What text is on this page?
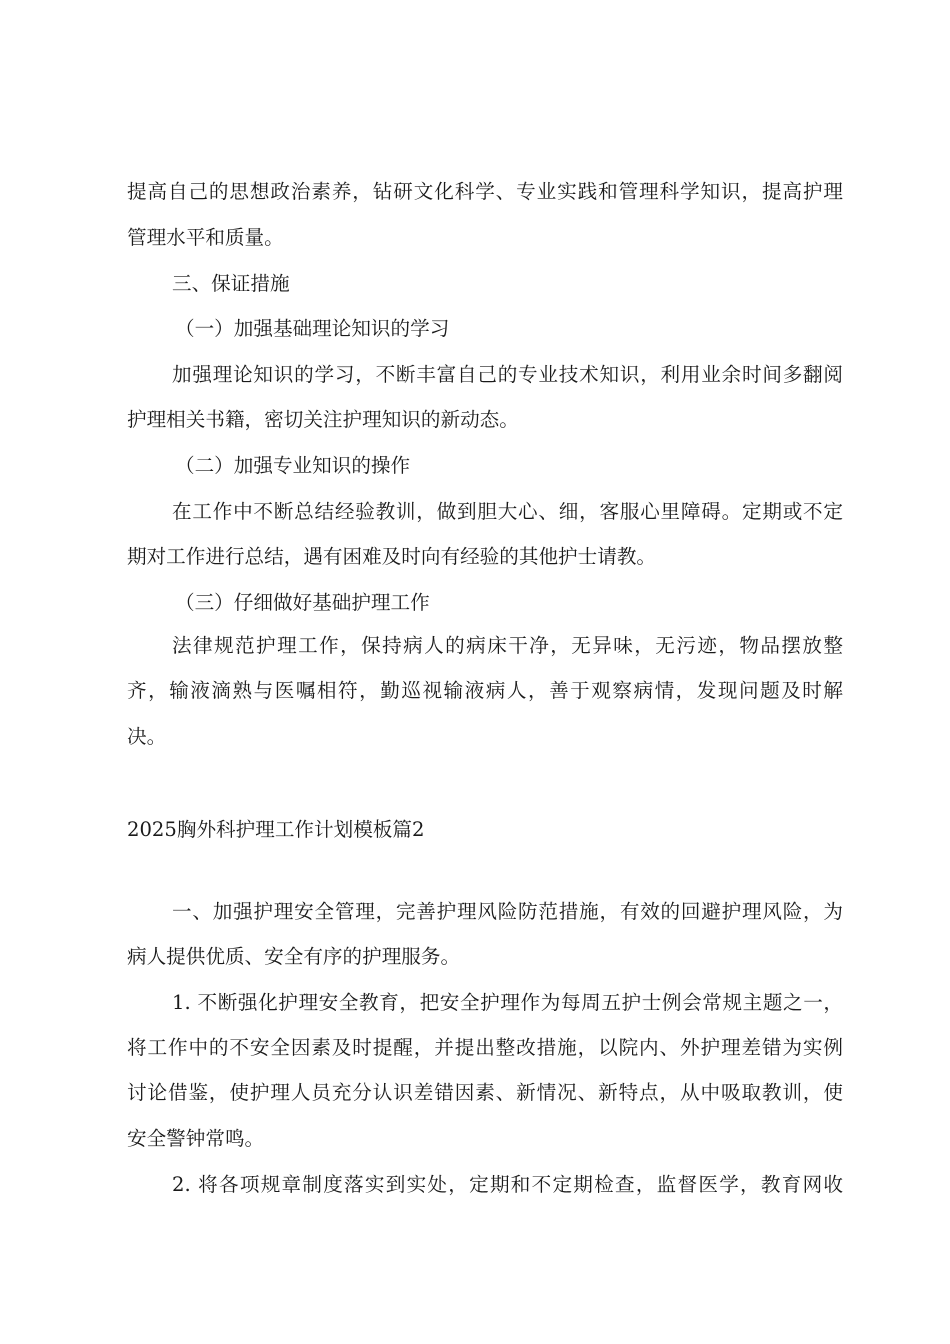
提高自己的思想政治素养，钻研文化科学、专业实践和管理科学知识，提高护理
管理水平和质量。
三、保证措施
（一）加强基础理论知识的学习
加强理论知识的学习，不断丰富自己的专业技术知识，利用业余时间多翻阅
护理相关书籍，密切关注护理知识的新动态。
（二）加强专业知识的操作
在工作中不断总结经验教训，做到胆大心、细，客服心里障碍。定期或不定
期对工作进行总结，遇有困难及时向有经验的其他护士请教。
（三）仔细做好基础护理工作
法律规范护理工作，保持病人的病床干净，无异味，无污迹，物品摆放整
齐，输液滴熟与医嘱相符，勤巡视输液病人，善于观察病情，发现问题及时解
决。
2025胸外科护理工作计划模板篇2
一、加强护理安全管理，完善护理风险防范措施，有效的回避护理风险，为
病人提供优质、安全有序的护理服务。
1. 不断强化护理安全教育，把安全护理作为每周五护士例会常规主题之一，
将工作中的不安全因素及时提醒，并提出整改措施，以院内、外护理差错为实例
讨论借鉴，使护理人员充分认识差错因素、新情况、新特点，从中吸取教训，使
安全警钟常鸣。
2. 将各项规章制度落实到实处，定期和不定期检查，监督医学，教育网收
